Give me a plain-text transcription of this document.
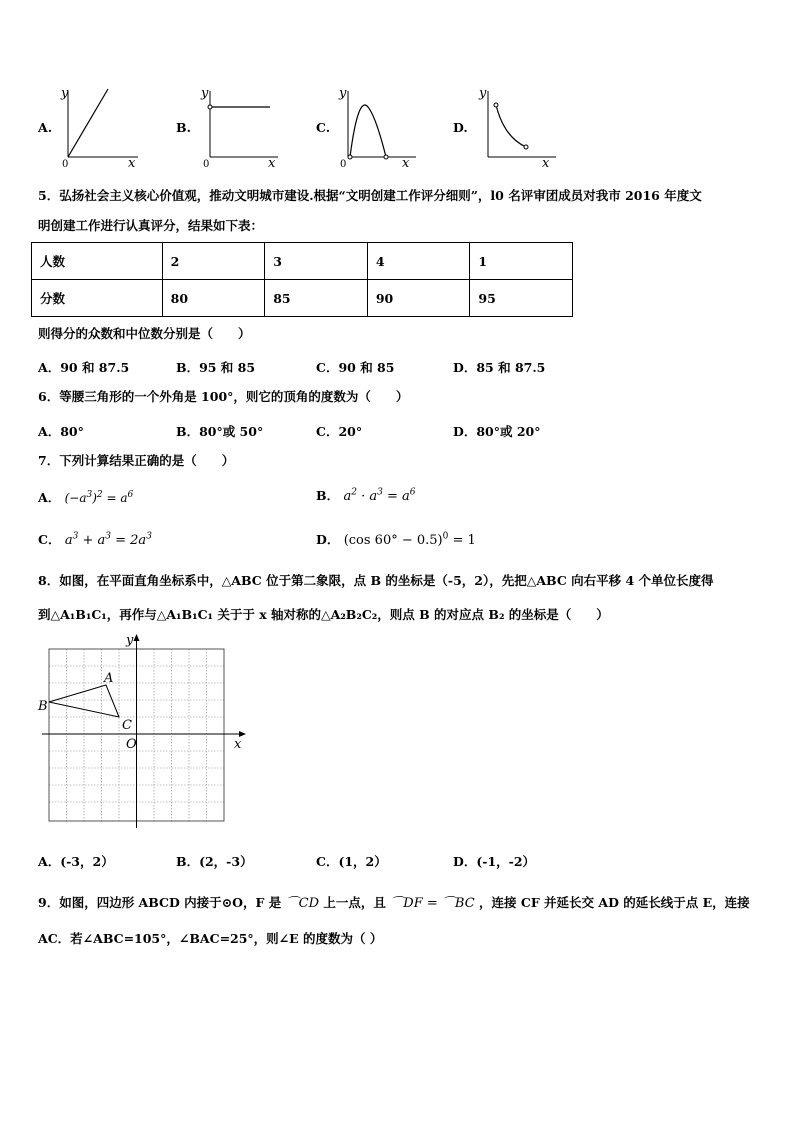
A.
y
x
0
B.
y
x
0
C.
y
x
0
D.
y
x
5．弘扬社会主义核心价值观，推动文明城市建设.根据“文明创建工作评分细则”，l0 名评审团成员对我市 2016 年度文
明创建工作进行认真评分，结果如下表：
人数	2	3	4	1
分数	80	85	90	95
则得分的众数和中位数分别是（　　）
A．90 和 87.5	B．95 和 85	C．90 和 85	D．85 和 87.5
6．等腰三角形的一个外角是 100°，则它的顶角的度数为（　　）
A．80°	B．80°或 50°	C．20°	D．80°或 20°
7．下列计算结果正确的是（　　）
A． $(-a^3)^2 = a^6$	B． $a^2 \cdot a^3 = a^6$
C． $a^3 + a^3 = 2a^3$	D． (cos 60° − 0.5)$^0$ = 1
8．如图，在平面直角坐标系中，△ABC 位于第二象限，点 B 的坐标是（-5，2），先把△ABC 向右平移 4 个单位长度得
到△A₁B₁C₁，再作与△A₁B₁C₁ 关于于 x 轴对称的△A₂B₂C₂，则点 B 的对应点 B₂ 的坐标是（　　）
y
x
O
A
B
C
A．(-3，2）	B．(2，-3）	C．(1，2）	D．(-1，-2）
9．如图，四边形 ABCD 内接于⊙O，F 是 ⌒CD 上一点，且 ⌒DF = ⌒BC ，连接 CF 并延长交 AD 的延长线于点 E，连接
AC．若∠ABC=105°，∠BAC=25°，则∠E 的度数为（ ）
